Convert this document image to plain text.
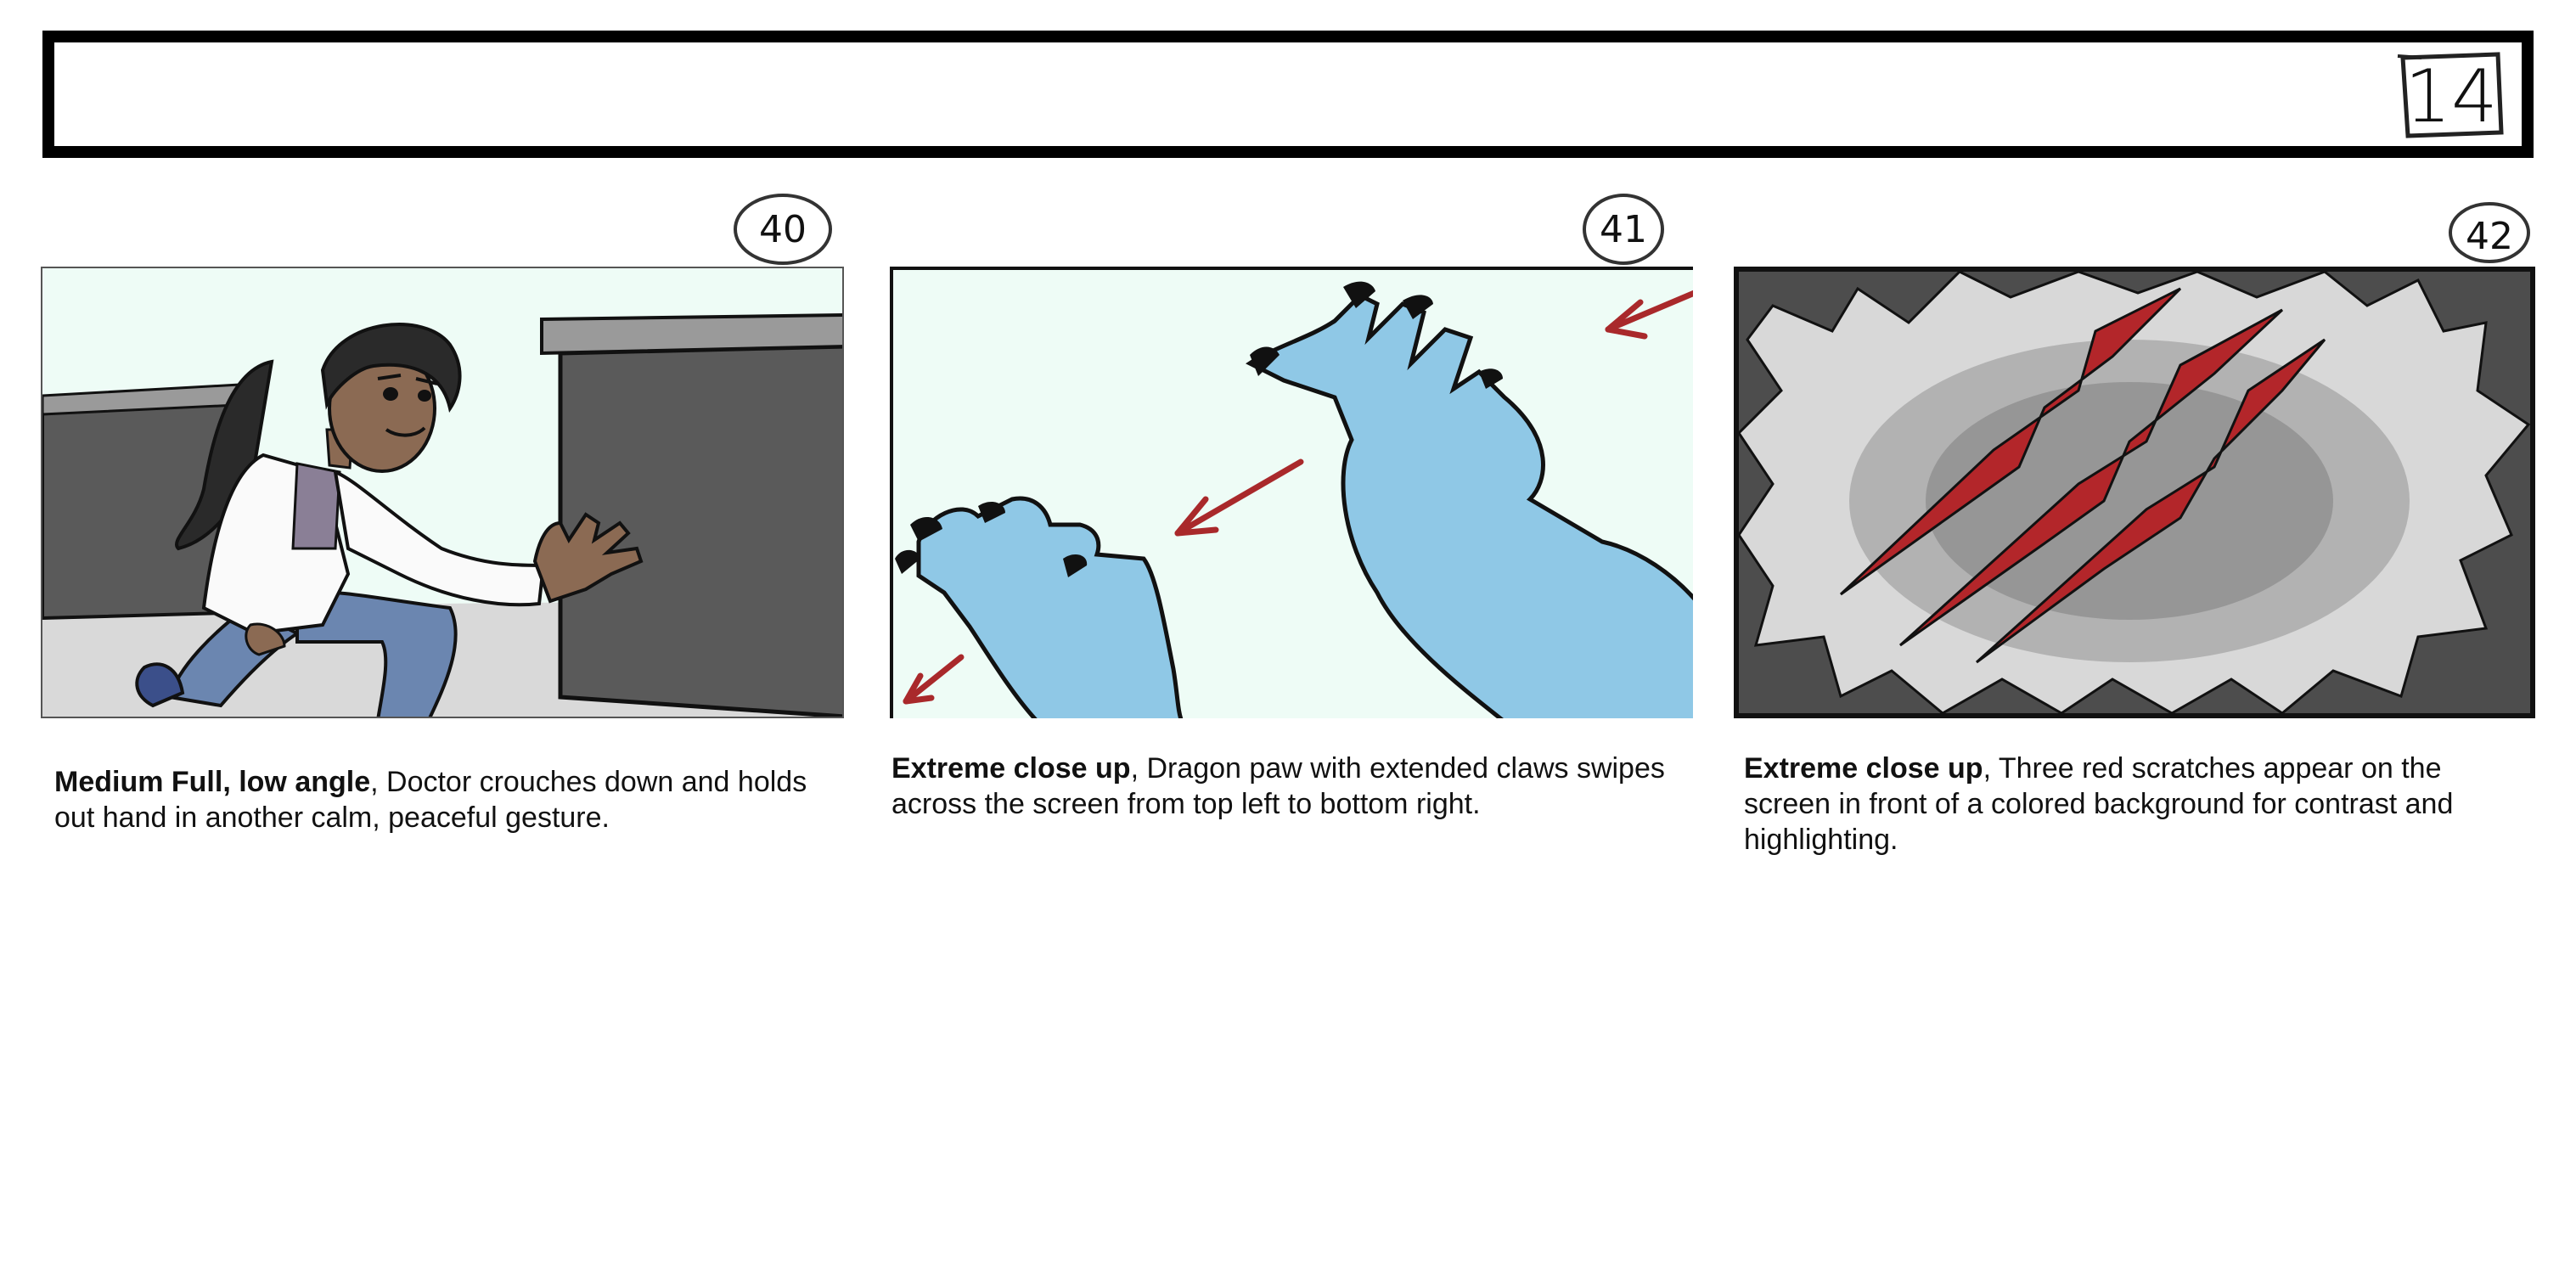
14
40	41	42
Medium Full, low angle, Doctor crouches down and holds out hand in another calm, peaceful gesture.
Extreme close up, Dragon paw with extended claws swipes across the screen from top left to bottom right.
Extreme close up, Three red scratches appear on the screen in front of a colored background for contrast and highlighting.
